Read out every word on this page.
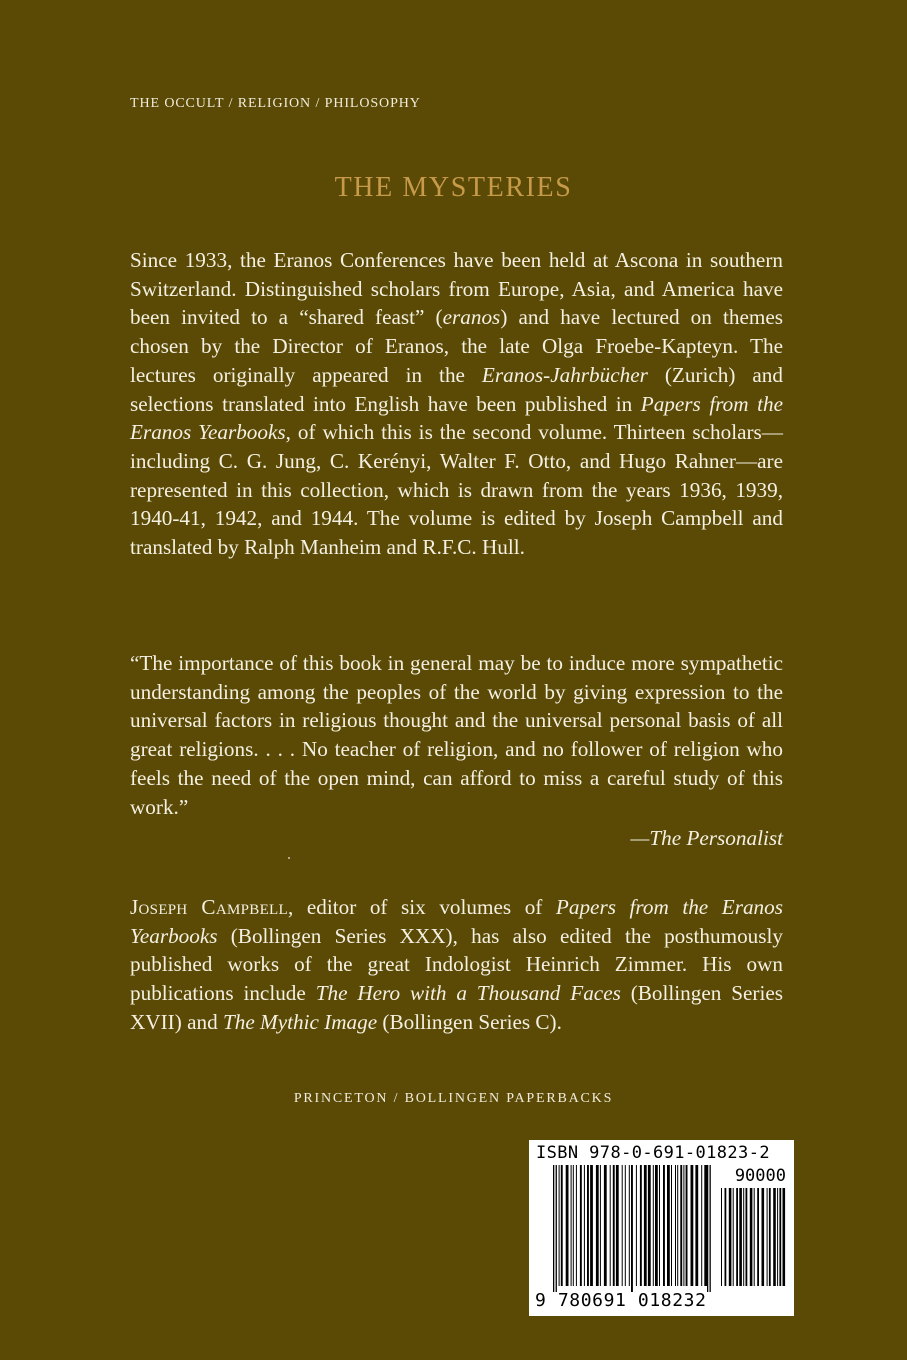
THE OCCULT / RELIGION / PHILOSOPHY
THE MYSTERIES
Since 1933, the Eranos Conferences have been held at Ascona in southern Switzerland. Distinguished scholars from Europe, Asia, and America have been invited to a “shared feast” (eranos) and have lectured on themes chosen by the Director of Eranos, the late Olga Froebe-Kapteyn. The lectures originally appeared in the Eranos-Jahrbücher (Zurich) and selections translated into English have been published in Papers from the Eranos Yearbooks, of which this is the second volume. Thirteen scholars—including C. G. Jung, C. Kerényi, Walter F. Otto, and Hugo Rahner—are represented in this collection, which is drawn from the years 1936, 1939, 1940-41, 1942, and 1944. The volume is edited by Joseph Campbell and translated by Ralph Manheim and R.F.C. Hull.
“The importance of this book in general may be to induce more sympathetic understanding among the peoples of the world by giving expression to the universal factors in religious thought and the universal personal basis of all great religions. . . . No teacher of religion, and no follower of religion who feels the need of the open mind, can afford to miss a careful study of this work.”
—The Personalist
Joseph Campbell, editor of six volumes of Papers from the Eranos Yearbooks (Bollingen Series XXX), has also edited the posthumously published works of the great Indologist Heinrich Zimmer. His own publications include The Hero with a Thousand Faces (Bollingen Series XVII) and The Mythic Image (Bollingen Series C).
PRINCETON / BOLLINGEN PAPERBACKS
ISBN 978-0-691-01823-2
90000
9 780691 018232
